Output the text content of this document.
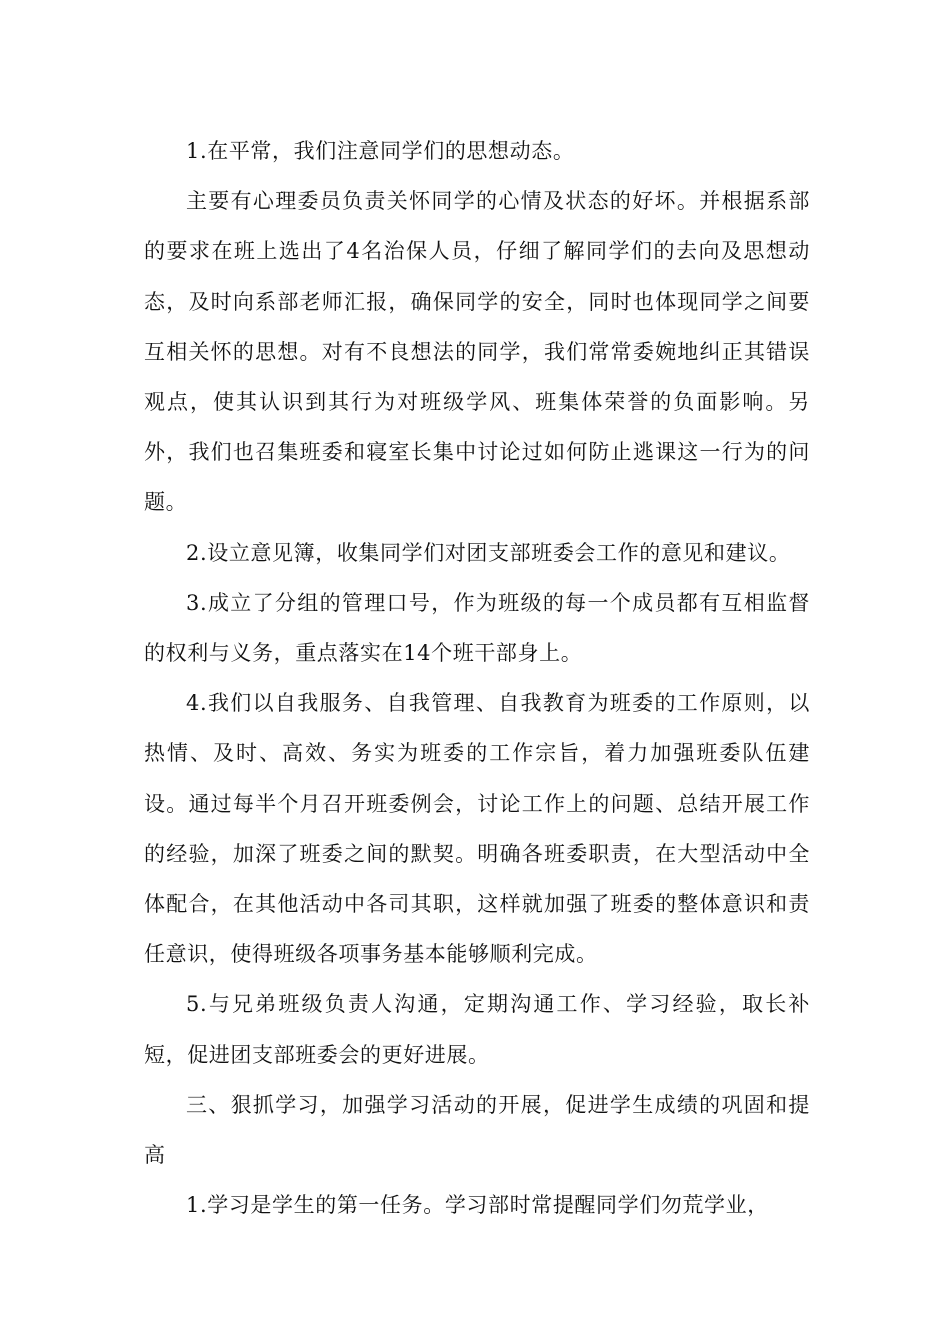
1.在平常，我们注意同学们的思想动态。

主要有心理委员负责关怀同学的心情及状态的好坏。并根据系部的要求在班上选出了4名治保人员，仔细了解同学们的去向及思想动态，及时向系部老师汇报，确保同学的安全，同时也体现同学之间要互相关怀的思想。对有不良想法的同学，我们常常委婉地纠正其错误观点，使其认识到其行为对班级学风、班集体荣誉的负面影响。另外，我们也召集班委和寝室长集中讨论过如何防止逃课这一行为的问题。

2.设立意见簿，收集同学们对团支部班委会工作的意见和建议。

3.成立了分组的管理口号，作为班级的每一个成员都有互相监督的权利与义务，重点落实在14个班干部身上。

4.我们以自我服务、自我管理、自我教育为班委的工作原则，以热情、及时、高效、务实为班委的工作宗旨，着力加强班委队伍建设。通过每半个月召开班委例会，讨论工作上的问题、总结开展工作的经验，加深了班委之间的默契。明确各班委职责，在大型活动中全体配合，在其他活动中各司其职，这样就加强了班委的整体意识和责任意识，使得班级各项事务基本能够顺利完成。

5.与兄弟班级负责人沟通，定期沟通工作、学习经验，取长补短，促进团支部班委会的更好进展。

三、狠抓学习，加强学习活动的开展，促进学生成绩的巩固和提高

1.学习是学生的第一任务。学习部时常提醒同学们勿荒学业，
